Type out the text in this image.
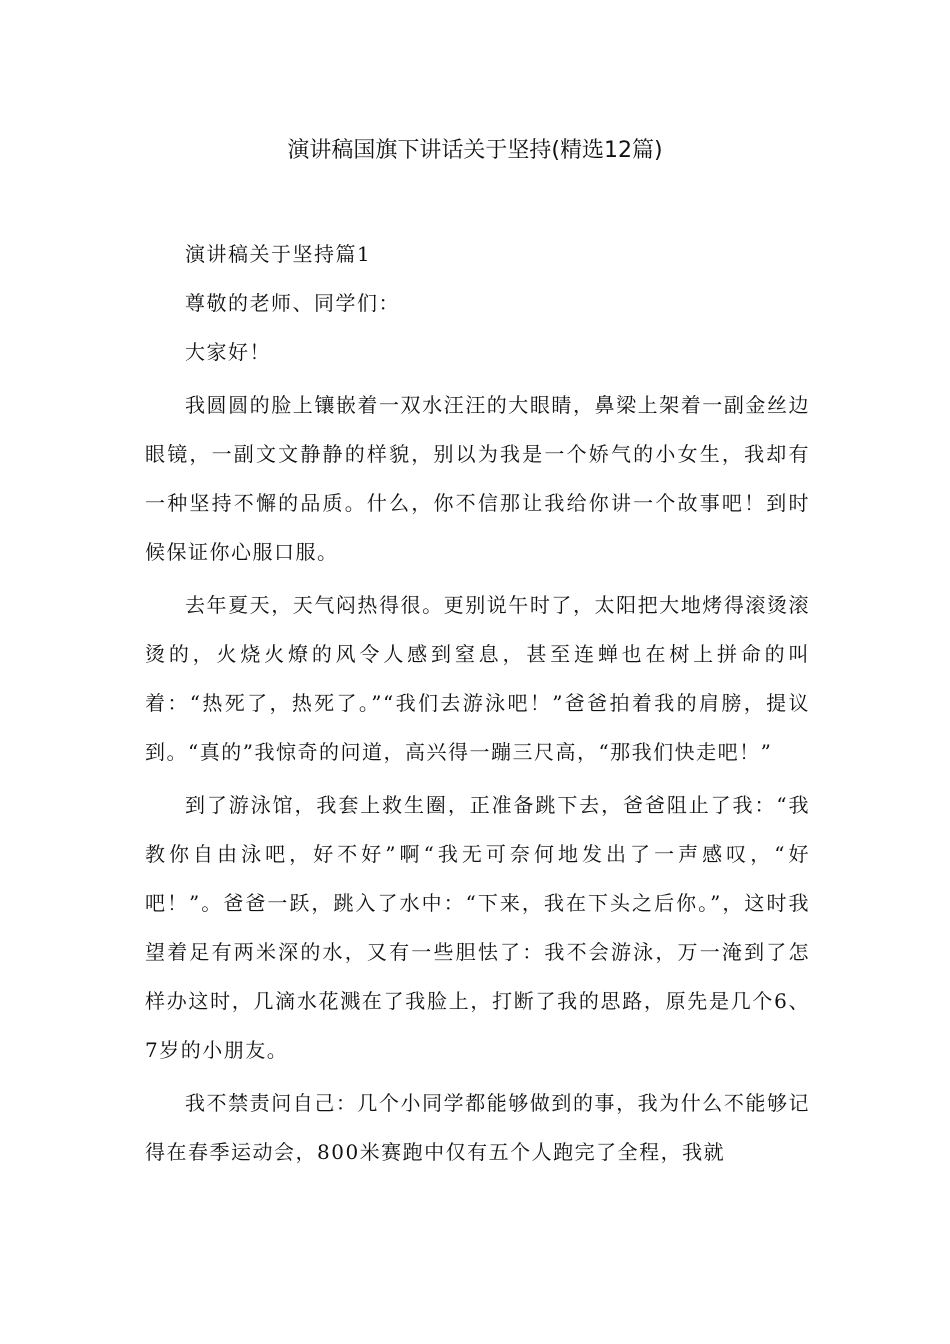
演讲稿国旗下讲话关于坚持(精选12篇)

演讲稿关于坚持篇1

尊敬的老师、同学们：

大家好！

我圆圆的脸上镶嵌着一双水汪汪的大眼睛，鼻梁上架着一副金丝边眼镜，一副文文静静的样貌，别以为我是一个娇气的小女生，我却有一种坚持不懈的品质。什么，你不信那让我给你讲一个故事吧！到时候保证你心服口服。

去年夏天，天气闷热得很。更别说午时了，太阳把大地烤得滚烫滚烫的，火烧火燎的风令人感到窒息，甚至连蝉也在树上拼命的叫着：“热死了，热死了。”“我们去游泳吧！”爸爸拍着我的肩膀，提议到。“真的”我惊奇的问道，高兴得一蹦三尺高，“那我们快走吧！”

到了游泳馆，我套上救生圈，正准备跳下去，爸爸阻止了我：“我教你自由泳吧，好不好”啊“我无可奈何地发出了一声感叹，“好吧！”。爸爸一跃，跳入了水中：“下来，我在下头之后你。”，这时我望着足有两米深的水，又有一些胆怯了：我不会游泳，万一淹到了怎样办这时，几滴水花溅在了我脸上，打断了我的思路，原先是几个6、7岁的小朋友。

我不禁责问自己：几个小同学都能够做到的事，我为什么不能够记得在春季运动会，800米赛跑中仅有五个人跑完了全程，我就
